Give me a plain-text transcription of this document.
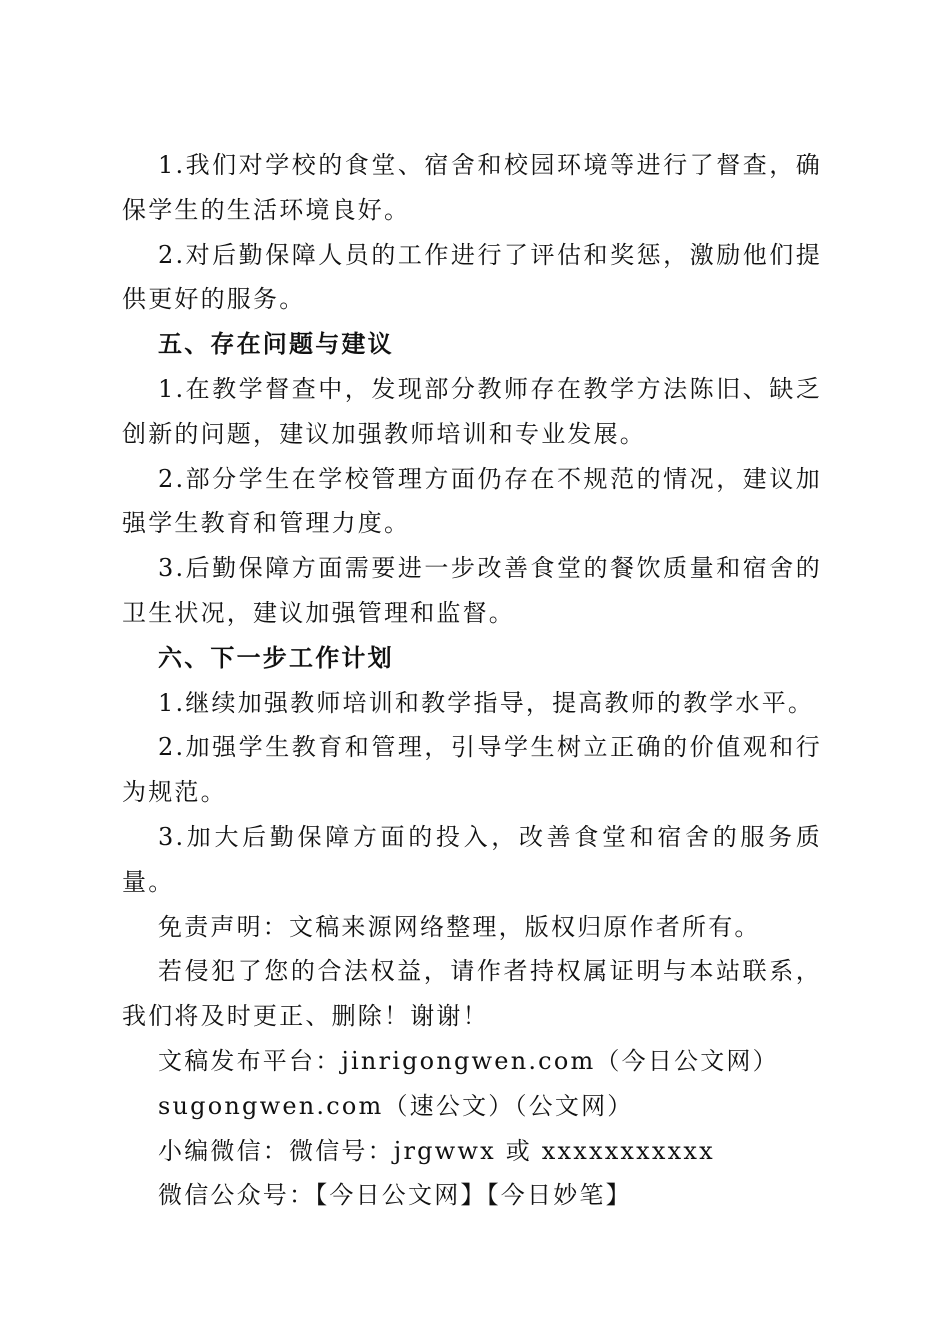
1.我们对学校的食堂、宿舍和校园环境等进行了督查，确保学生的生活环境良好。

2.对后勤保障人员的工作进行了评估和奖惩，激励他们提供更好的服务。

五、存在问题与建议

1.在教学督查中，发现部分教师存在教学方法陈旧、缺乏创新的问题，建议加强教师培训和专业发展。

2.部分学生在学校管理方面仍存在不规范的情况，建议加强学生教育和管理力度。

3.后勤保障方面需要进一步改善食堂的餐饮质量和宿舍的卫生状况，建议加强管理和监督。

六、下一步工作计划

1.继续加强教师培训和教学指导，提高教师的教学水平。

2.加强学生教育和管理，引导学生树立正确的价值观和行为规范。

3.加大后勤保障方面的投入，改善食堂和宿舍的服务质量。

免责声明：文稿来源网络整理，版权归原作者所有。

若侵犯了您的合法权益，请作者持权属证明与本站联系，我们将及时更正、删除！谢谢！

文稿发布平台：jinrigongwen.com（今日公文网）

sugongwen.com（速公文）（公文网）

小编微信：微信号：jrgwwx 或 xxxxxxxxxxx

微信公众号：【今日公文网】【今日妙笔】
